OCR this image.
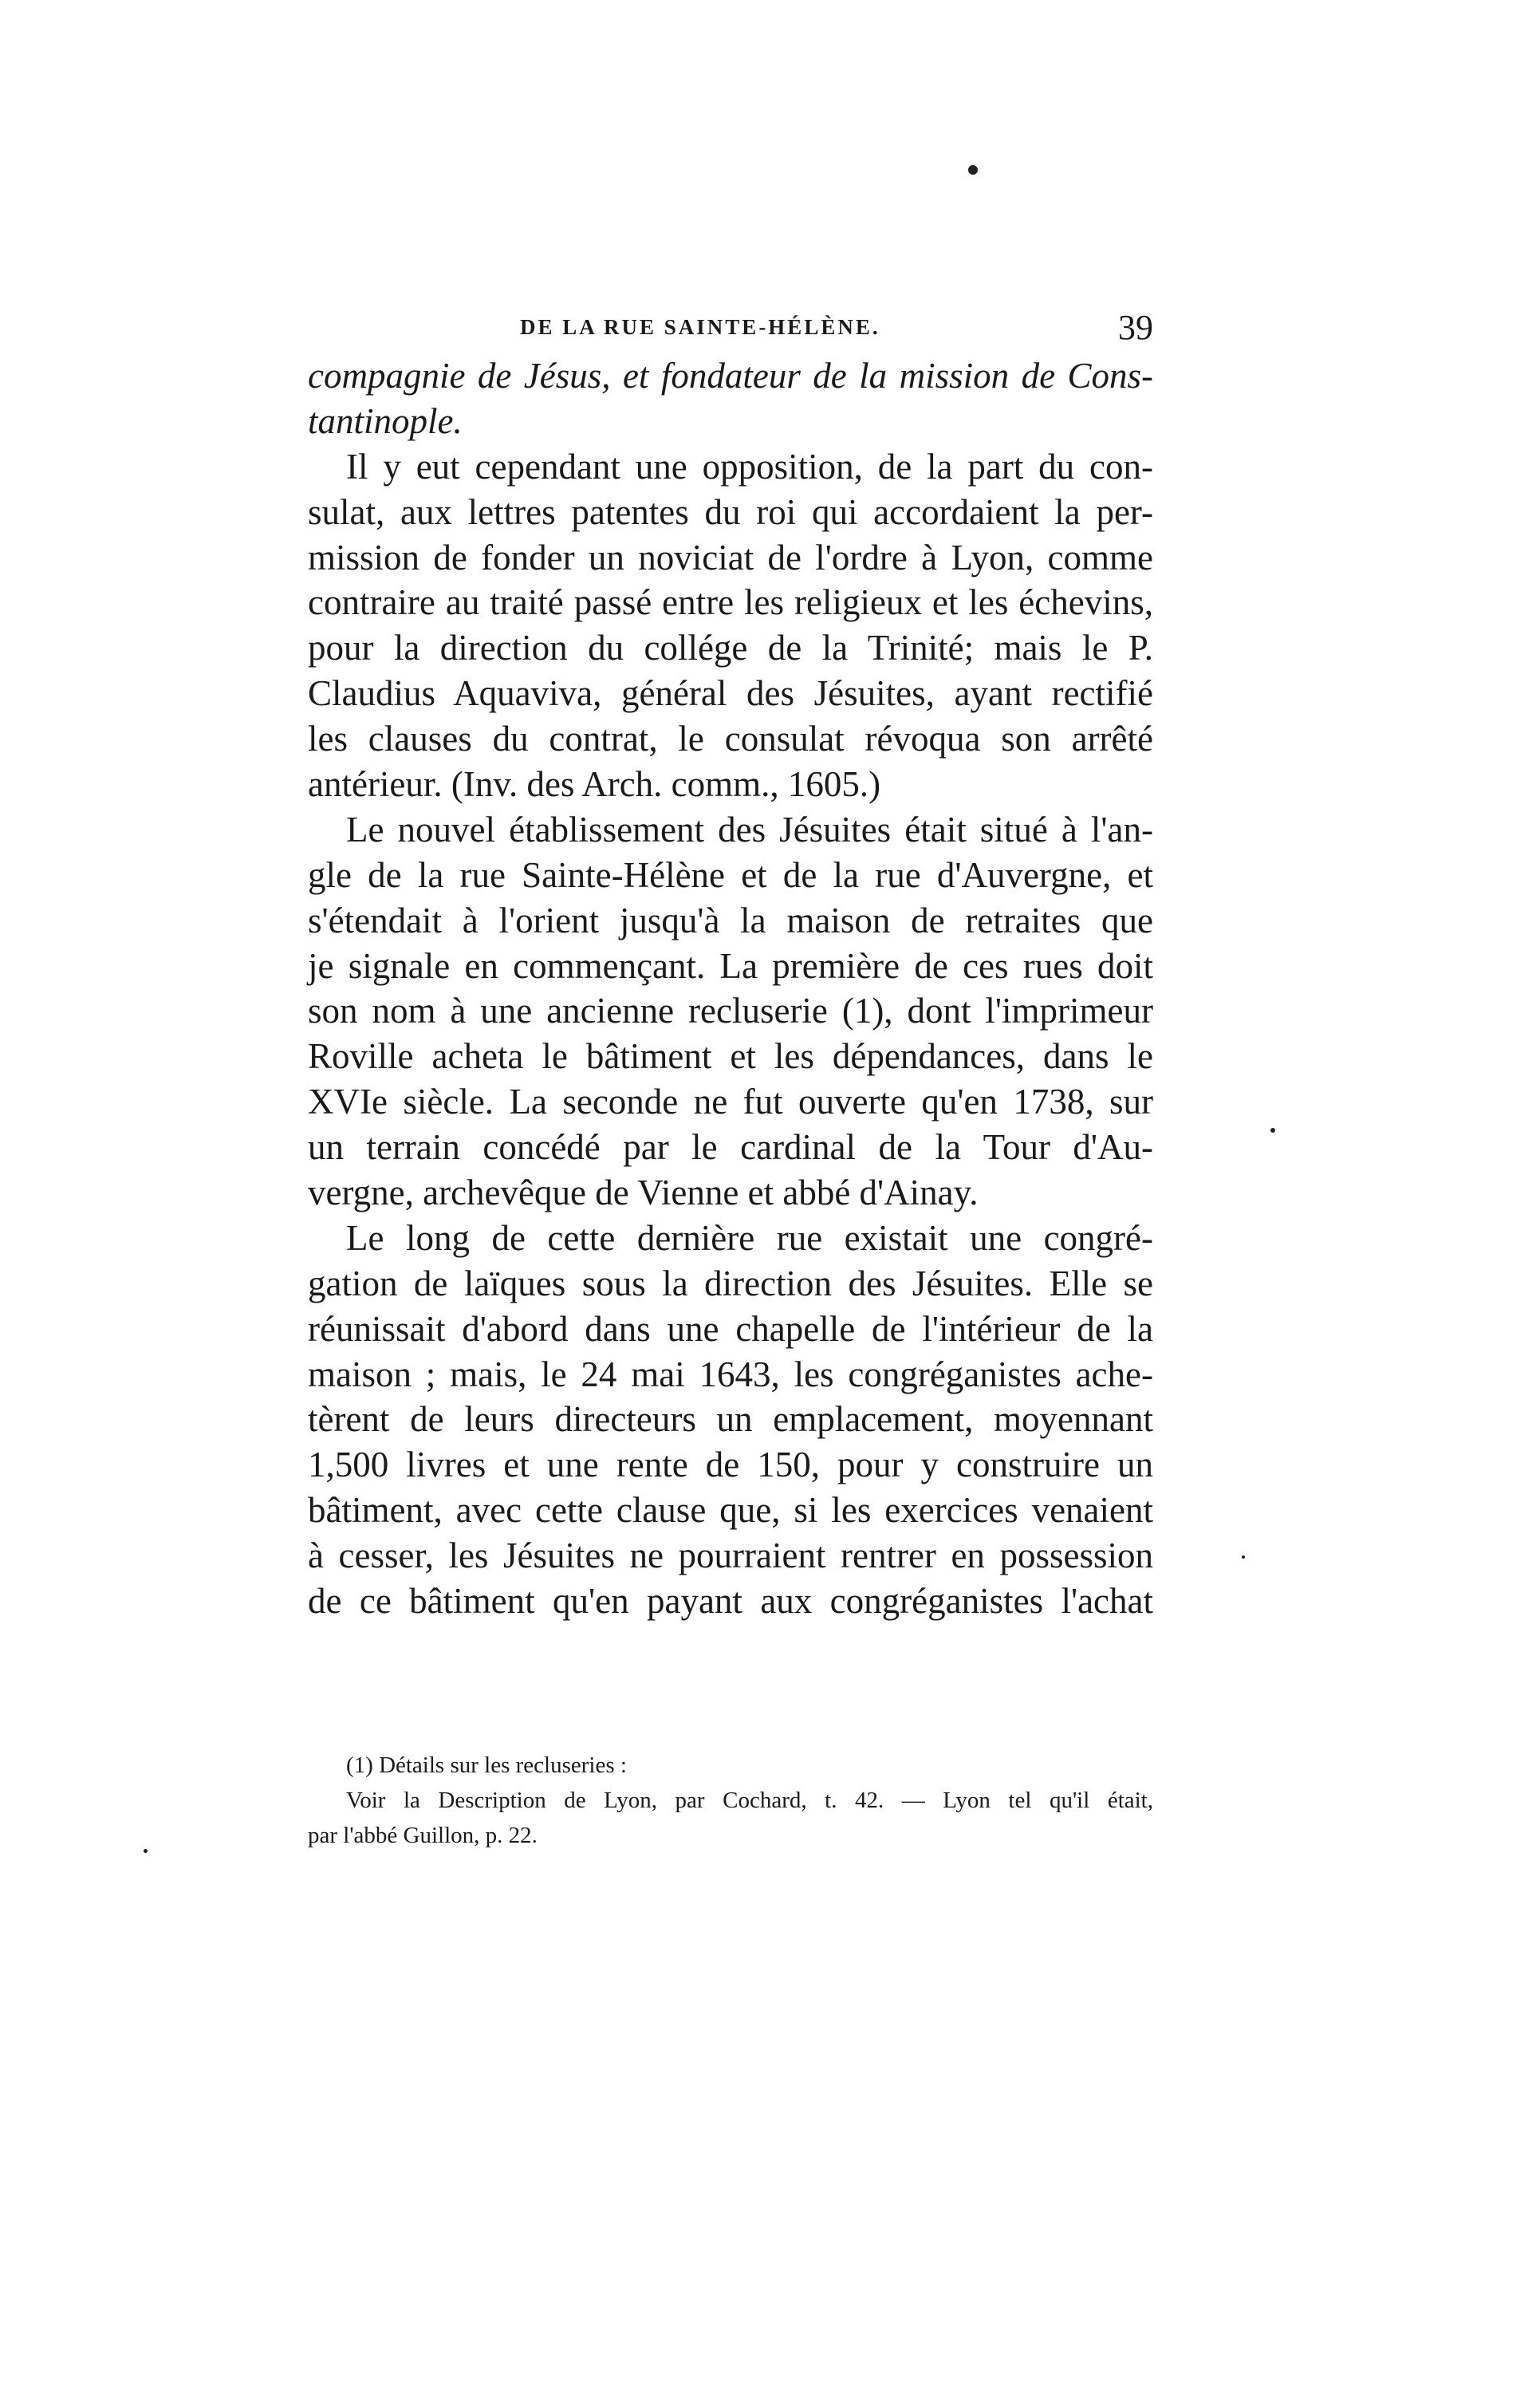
DE LA RUE SAINTE-HÉLÈNE.	39
compagnie de Jésus, et fondateur de la mission de Cons-
tantinople.
Il y eut cependant une opposition, de la part du con-
sulat, aux lettres patentes du roi qui accordaient la per-
mission de fonder un noviciat de l'ordre à Lyon, comme
contraire au traité passé entre les religieux et les échevins,
pour la direction du collége de la Trinité; mais le P.
Claudius Aquaviva, général des Jésuites, ayant rectifié
les clauses du contrat, le consulat révoqua son arrêté
antérieur. (Inv. des Arch. comm., 1605.)
Le nouvel établissement des Jésuites était situé à l'an-
gle de la rue Sainte-Hélène et de la rue d'Auvergne, et
s'étendait à l'orient jusqu'à la maison de retraites que
je signale en commençant. La première de ces rues doit
son nom à une ancienne recluserie (1), dont l'imprimeur
Roville acheta le bâtiment et les dépendances, dans le
XVIe siècle. La seconde ne fut ouverte qu'en 1738, sur
un terrain concédé par le cardinal de la Tour d'Au-
vergne, archevêque de Vienne et abbé d'Ainay.
Le long de cette dernière rue existait une congré-
gation de laïques sous la direction des Jésuites. Elle se
réunissait d'abord dans une chapelle de l'intérieur de la
maison ; mais, le 24 mai 1643, les congréganistes ache-
tèrent de leurs directeurs un emplacement, moyennant
1,500 livres et une rente de 150, pour y construire un
bâtiment, avec cette clause que, si les exercices venaient
à cesser, les Jésuites ne pourraient rentrer en possession
de ce bâtiment qu'en payant aux congréganistes l'achat
(1) Détails sur les recluseries :
Voir la Description de Lyon, par Cochard, t. 42. — Lyon tel qu'il était,
par l'abbé Guillon, p. 22.
